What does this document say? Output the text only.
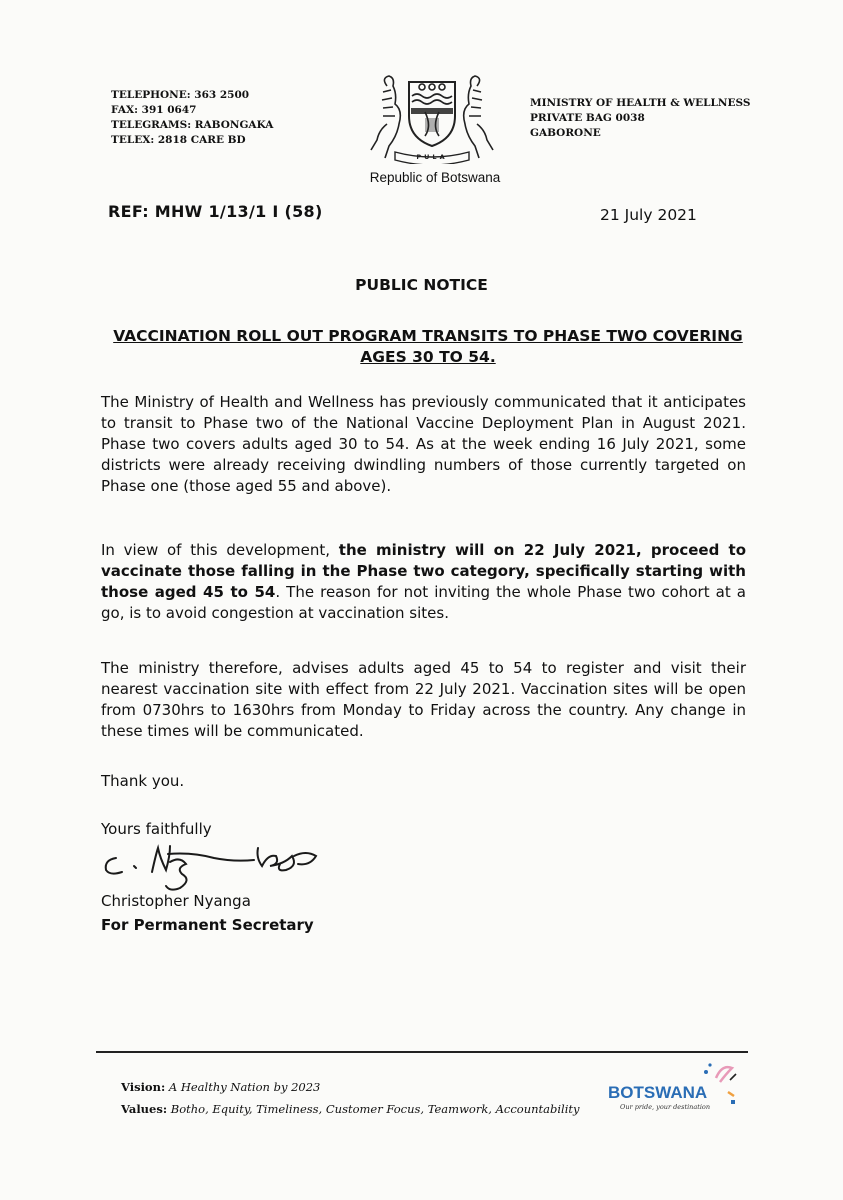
TELEPHONE: 363 2500
FAX: 391 0647
TELEGRAMS: RABONGAKA
TELEX: 2818 CARE BD
PULA
MINISTRY OF HEALTH & WELLNESS
PRIVATE BAG 0038
GABORONE
Republic of Botswana
REF: MHW 1/13/1 I (58)	21 July 2021
PUBLIC NOTICE
VACCINATION ROLL OUT PROGRAM TRANSITS TO PHASE TWO COVERING AGES 30 TO 54.
The Ministry of Health and Wellness has previously communicated that it anticipates to transit to Phase two of the National Vaccine Deployment Plan in August 2021. Phase two covers adults aged 30 to 54. As at the week ending 16 July 2021, some districts were already receiving dwindling numbers of those currently targeted on Phase one (those aged 55 and above).
In view of this development, the ministry will on 22 July 2021, proceed to vaccinate those falling in the Phase two category, specifically starting with those aged 45 to 54. The reason for not inviting the whole Phase two cohort at a go, is to avoid congestion at vaccination sites.
The ministry therefore, advises adults aged 45 to 54 to register and visit their nearest vaccination site with effect from 22 July 2021. Vaccination sites will be open from 0730hrs to 1630hrs from Monday to Friday across the country. Any change in these times will be communicated.
Thank you.
Yours faithfully
Christopher Nyanga
For Permanent Secretary
Vision: A Healthy Nation by 2023
Values: Botho, Equity, Timeliness, Customer Focus, Teamwork, Accountability
BOTSWANA
Our pride, your destination
